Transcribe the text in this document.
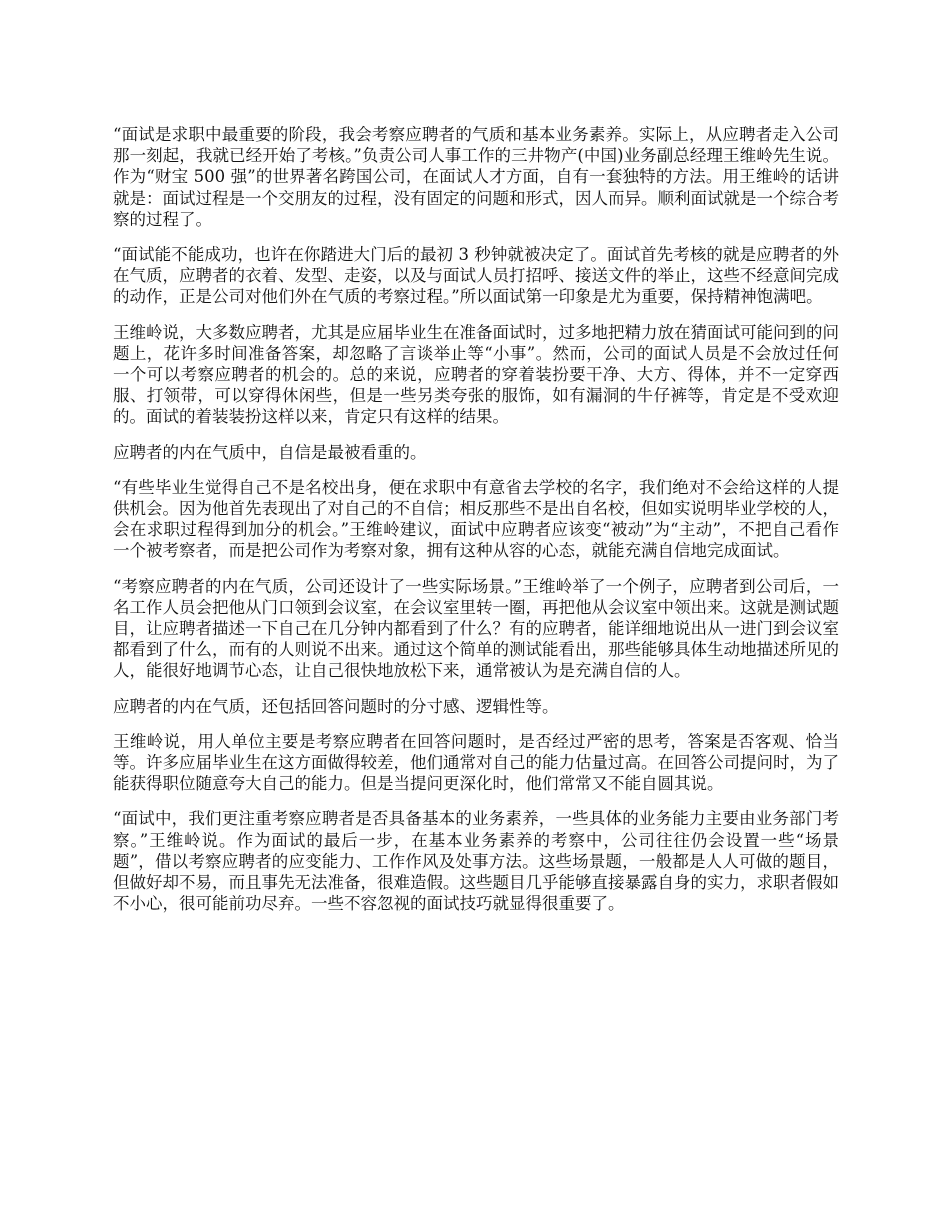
“面试是求职中最重要的阶段，我会考察应聘者的气质和基本业务素养。实际上，从应聘者走入公司那一刻起，我就已经开始了考核。”负责公司人事工作的三井物产(中国)业务副总经理王维岭先生说。作为“财宝 500 强”的世界著名跨国公司，在面试人才方面，自有一套独特的方法。用王维岭的话讲就是：面试过程是一个交朋友的过程，没有固定的问题和形式，因人而异。顺利面试就是一个综合考察的过程了。

“面试能不能成功，也许在你踏进大门后的最初 3 秒钟就被决定了。面试首先考核的就是应聘者的外在气质，应聘者的衣着、发型、走姿，以及与面试人员打招呼、接送文件的举止，这些不经意间完成的动作，正是公司对他们外在气质的考察过程。”所以面试第一印象是尤为重要，保持精神饱满吧。

王维岭说，大多数应聘者，尤其是应届毕业生在准备面试时，过多地把精力放在猜面试可能问到的问题上，花许多时间准备答案，却忽略了言谈举止等“小事”。然而，公司的面试人员是不会放过任何一个可以考察应聘者的机会的。总的来说，应聘者的穿着装扮要干净、大方、得体，并不一定穿西服、打领带，可以穿得休闲些，但是一些另类夸张的服饰，如有漏洞的牛仔裤等，肯定是不受欢迎的。面试的着装装扮这样以来，肯定只有这样的结果。

应聘者的内在气质中，自信是最被看重的。

“有些毕业生觉得自己不是名校出身，便在求职中有意省去学校的名字，我们绝对不会给这样的人提供机会。因为他首先表现出了对自己的不自信；相反那些不是出自名校，但如实说明毕业学校的人，会在求职过程得到加分的机会。”王维岭建议，面试中应聘者应该变“被动”为“主动”，不把自己看作一个被考察者，而是把公司作为考察对象，拥有这种从容的心态，就能充满自信地完成面试。

“考察应聘者的内在气质，公司还设计了一些实际场景。”王维岭举了一个例子，应聘者到公司后，一名工作人员会把他从门口领到会议室，在会议室里转一圈，再把他从会议室中领出来。这就是测试题目，让应聘者描述一下自己在几分钟内都看到了什么？有的应聘者，能详细地说出从一进门到会议室都看到了什么，而有的人则说不出来。通过这个简单的测试能看出，那些能够具体生动地描述所见的人，能很好地调节心态，让自己很快地放松下来，通常被认为是充满自信的人。

应聘者的内在气质，还包括回答问题时的分寸感、逻辑性等。

王维岭说，用人单位主要是考察应聘者在回答问题时，是否经过严密的思考，答案是否客观、恰当等。许多应届毕业生在这方面做得较差，他们通常对自己的能力估量过高。在回答公司提问时，为了能获得职位随意夸大自己的能力。但是当提问更深化时，他们常常又不能自圆其说。

“面试中，我们更注重考察应聘者是否具备基本的业务素养，一些具体的业务能力主要由业务部门考察。”王维岭说。作为面试的最后一步，在基本业务素养的考察中，公司往往仍会设置一些“场景题”，借以考察应聘者的应变能力、工作作风及处事方法。这些场景题，一般都是人人可做的题目，但做好却不易，而且事先无法准备，很难造假。这些题目几乎能够直接暴露自身的实力，求职者假如不小心，很可能前功尽弃。一些不容忽视的面试技巧就显得很重要了。
